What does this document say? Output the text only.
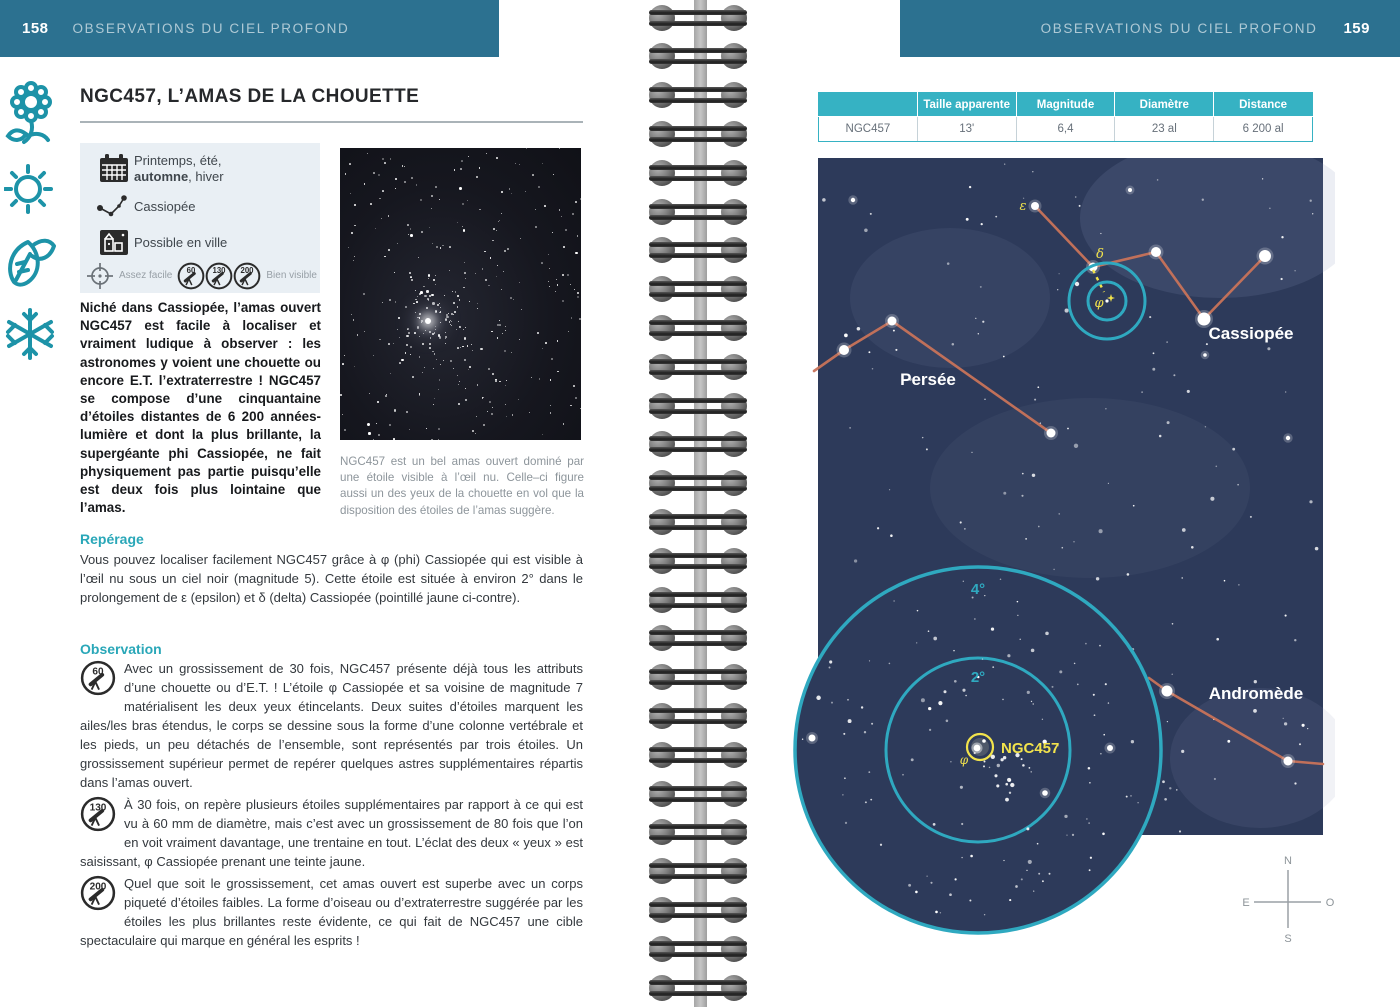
158 OBSERVATIONS DU CIEL PROFOND
NGC457, L’AMAS DE LA CHOUETTE
Printemps, été,
automne, hiver
Cassiopée
Possible en ville
Assez facile 60 130 200 Bien visible
Niché dans Cassiopée, l’amas ouvert NGC457 est facile à localiser et vraiment ludique à observer : les astronomes y voient une chouette ou encore E.T. l’extraterrestre ! NGC457 se compose d’une cinquantaine d’étoiles distantes de 6 200 années-lumière et dont la plus brillante, la supergéante phi Cassiopée, ne fait physiquement pas partie puisqu’elle est deux fois plus lointaine que l’amas.
NGC457 est un bel amas ouvert dominé par une étoile visible à l’œil nu. Celle–ci figure aussi un des yeux de la chouette en vol que la disposition des étoiles de l’amas suggère.
Repérage
Vous pouvez localiser facilement NGC457 grâce à φ (phi) Cassiopée qui est visible à l’œil nu sous un ciel noir (magnitude 5). Cette étoile est située à environ 2° dans le prolongement de ε (epsilon) et δ (delta) Cassiopée (pointillé jaune ci-contre).
Observation

60 Avec un grossissement de 30 fois, NGC457 présente déjà tous les attributs d’une chouette ou d’E.T. ! L’étoile φ Cassiopée et sa voisine de magnitude 7 matérialisent les deux yeux étincelants. Deux suites d’étoiles marquent les ailes/les bras étendus, le corps se dessine sous la forme d’une colonne vertébrale et les pieds, un peu détachés de l’ensemble, sont représentés par trois étoiles. Un grossissement supérieur permet de repérer quelques astres supplémentaires répartis dans l’amas ouvert.

130 À 30 fois, on repère plusieurs étoiles supplémentaires par rapport à ce qui est vu à 60 mm de diamètre, mais c’est avec un grossissement de 80 fois que l’on en voit vraiment davantage, une trentaine en tout. L’éclat des deux « yeux » est saisissant, φ Cassiopée prenant une teinte jaune.

200 Quel que soit le grossissement, cet amas ouvert est superbe avec un corps piqueté d’étoiles faibles. La forme d’oiseau ou d’extraterrestre suggérée par les étoiles les plus brillantes reste évidente, ce qui fait de NGC457 une cible spectaculaire qui marque en général les esprits !

OBSERVATIONS DU CIEL PROFOND 159
	Taille apparente	Magnitude	Diamètre	Distance
NGC457	13'	6,4	23 al	6 200 al
Cassiopée
Persée
Andromède
ε
δ
φ
4°
2°
NGC457
φ
N
S
E	O
